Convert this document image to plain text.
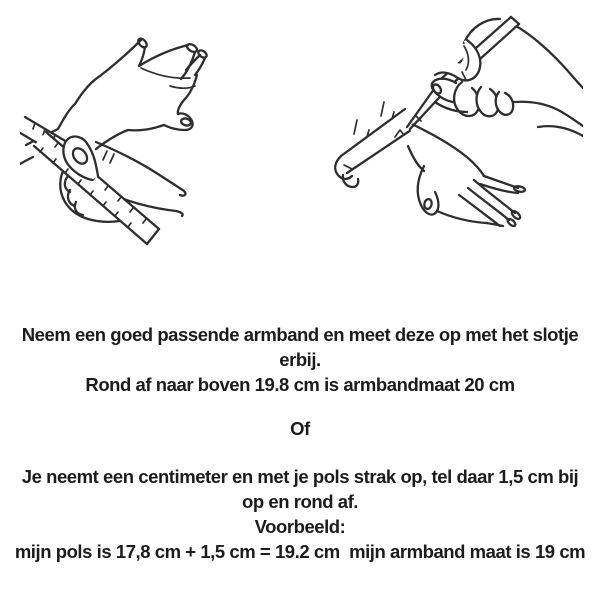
Neem een goed passende armband en meet deze op met het slotje
erbij.
Rond af naar boven 19.8 cm is armbandmaat 20 cm
Of
Je neemt een centimeter en met je pols strak op, tel daar 1,5 cm bij
op en rond af.
Voorbeeld:
mijn pols is 17,8 cm + 1,5 cm = 19.2 cm  mijn armband maat is 19 cm
